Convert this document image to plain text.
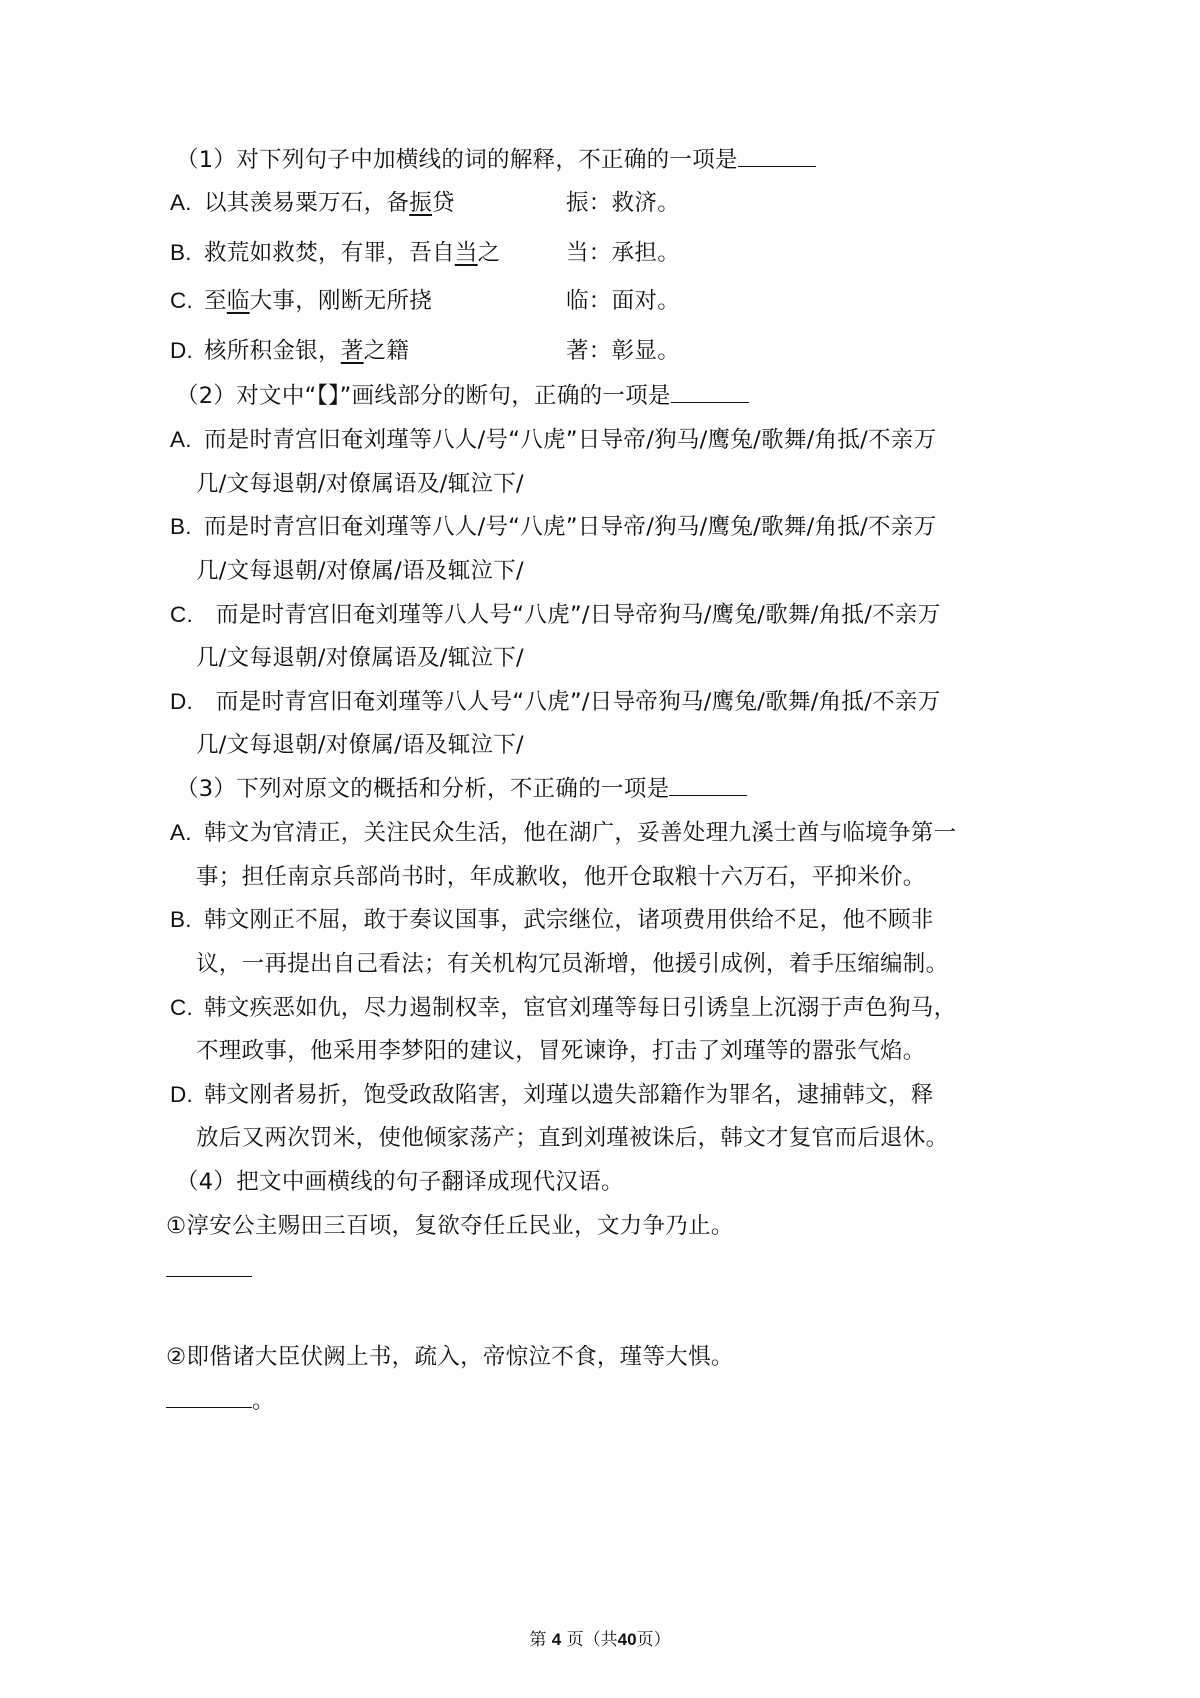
（1）对下列句子中加横线的词的解释，不正确的一项是
A. 以其羡易粟万石，备振贷	振：救济。
B. 救荒如救焚，有罪，吾自当之	当：承担。
C. 至临大事，刚断无所挠	临：面对。
D. 核所积金银，著之籍	著：彰显。
（2）对文中“【】”画线部分的断句，正确的一项是
A. 而是时青宫旧奄刘瑾等八人/号“八虎”日导帝/狗马/鹰兔/歌舞/角抵/不亲万
几/文每退朝/对僚属语及/辄泣下/
B. 而是时青宫旧奄刘瑾等八人/号“八虎”日导帝/狗马/鹰兔/歌舞/角抵/不亲万
几/文每退朝/对僚属/语及辄泣下/
C. 而是时青宫旧奄刘瑾等八人号“八虎”/日导帝狗马/鹰兔/歌舞/角抵/不亲万
几/文每退朝/对僚属语及/辄泣下/
D. 而是时青宫旧奄刘瑾等八人号“八虎”/日导帝狗马/鹰兔/歌舞/角抵/不亲万
几/文每退朝/对僚属/语及辄泣下/
（3）下列对原文的概括和分析，不正确的一项是
A. 韩文为官清正，关注民众生活，他在湖广，妥善处理九溪士酋与临境争第一
事；担任南京兵部尚书时，年成歉收，他开仓取粮十六万石，平抑米价。
B. 韩文刚正不屈，敢于奏议国事，武宗继位，诸项费用供给不足，他不顾非
议，一再提出自己看法；有关机构冗员渐增，他援引成例，着手压缩编制。
C. 韩文疾恶如仇，尽力遏制权幸，宦官刘瑾等每日引诱皇上沉溺于声色狗马，
不理政事，他采用李梦阳的建议，冒死谏诤，打击了刘瑾等的嚣张气焰。
D. 韩文刚者易折，饱受政敌陷害，刘瑾以遗失部籍作为罪名，逮捕韩文，释
放后又两次罚米，使他倾家荡产；直到刘瑾被诛后，韩文才复官而后退休。
（4）把文中画横线的句子翻译成现代汉语。
①淳安公主赐田三百顷，复欲夺任丘民业，文力争乃止。
②即偕诸大臣伏阙上书，疏入，帝惊泣不食，瑾等大惧。
。
第 4 页（共40页）
